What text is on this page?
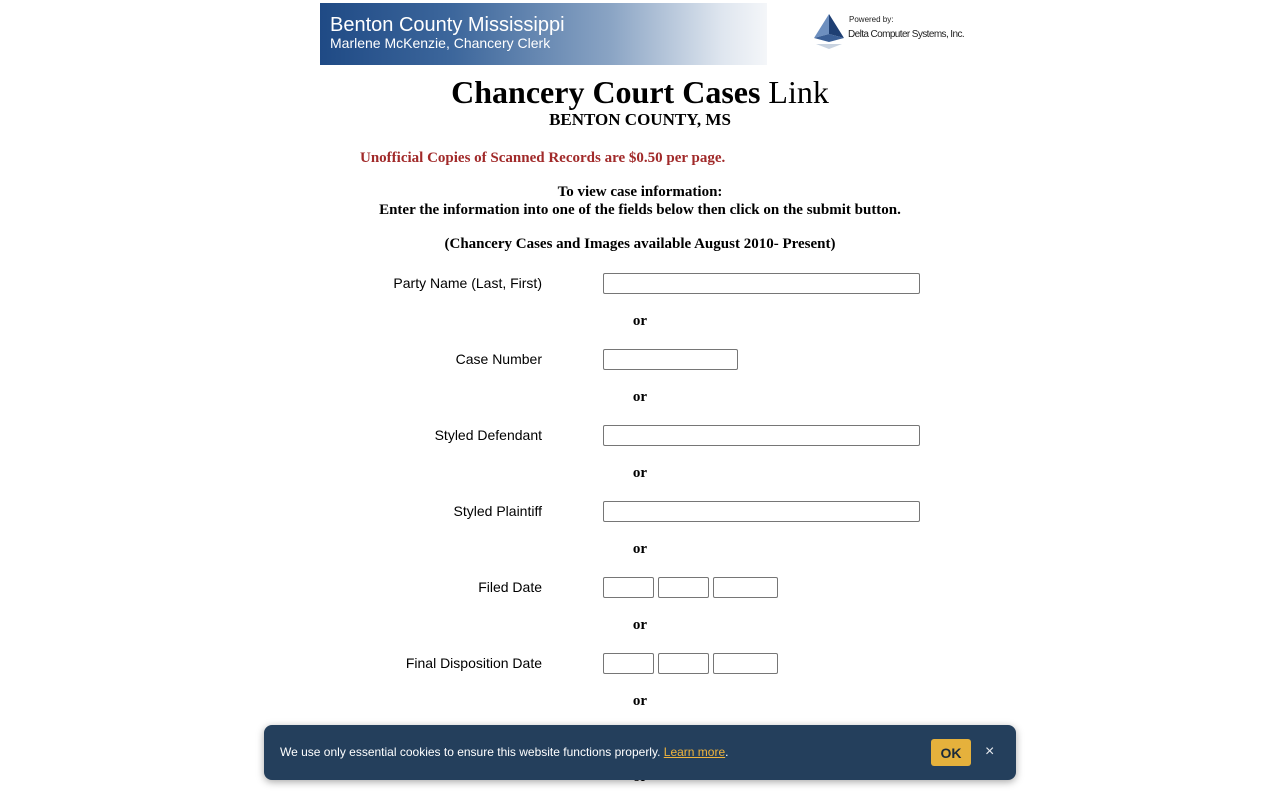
Benton County Mississippi
Marlene McKenzie, Chancery Clerk
Powered by:
Delta Computer Systems, Inc.
Chancery Court Cases Link
BENTON COUNTY, MS
Unofficial Copies of Scanned Records are $0.50 per page.
To view case information:
Enter the information into one of the fields below then click on the submit button.
(Chancery Cases and Images available August 2010- Present)
Party Name (Last, First)
or
Case Number
or
Styled Defendant
or
Styled Plaintiff
or
Filed Date
or
Final Disposition Date
or
We use only essential cookies to ensure this website functions properly. Learn more.	OK	×
